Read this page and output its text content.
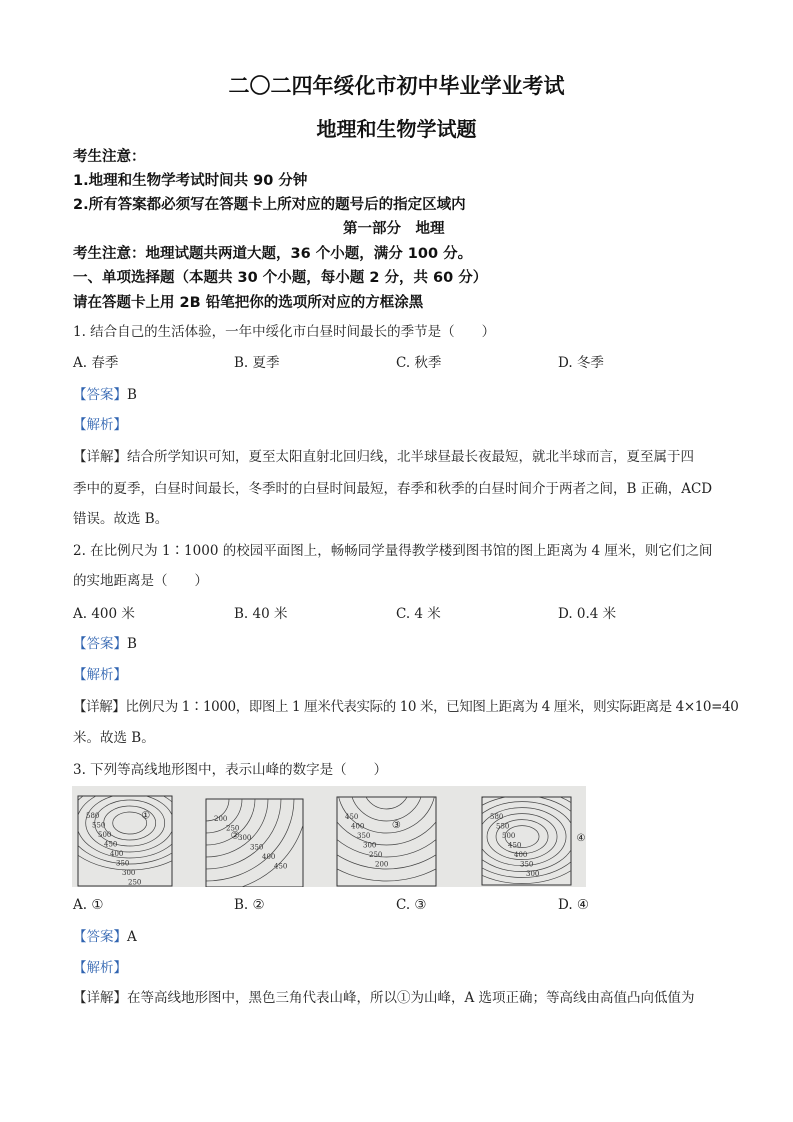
二〇二四年绥化市初中毕业学业考试
地理和生物学试题
考生注意：
1.地理和生物学考试时间共 90 分钟
2.所有答案都必须写在答题卡上所对应的题号后的指定区域内
第一部分　地理
考生注意：地理试题共两道大题，36 个小题，满分 100 分。
一、单项选择题（本题共 30 个小题，每小题 2 分，共 60 分）
请在答题卡上用 2B 铅笔把你的选项所对应的方框涂黑
1. 结合自己的生活体验，一年中绥化市白昼时间最长的季节是（　　）
A. 春季	B. 夏季	C. 秋季	D. 冬季
【答案】B
【解析】
【详解】结合所学知识可知，夏至太阳直射北回归线，北半球昼最长夜最短，就北半球而言，夏至属于四
季中的夏季，白昼时间最长，冬季时的白昼时间最短，春季和秋季的白昼时间介于两者之间，B 正确，ACD
错误。故选 B。
2. 在比例尺为 1∶1000 的校园平面图上，畅畅同学量得教学楼到图书馆的图上距离为 4 厘米，则它们之间
的实地距离是（　　）
A. 400 米	B. 40 米	C. 4 米	D. 0.4 米
【答案】B
【解析】
【详解】比例尺为 1∶1000，即图上 1 厘米代表实际的 10 米，已知图上距离为 4 厘米，则实际距离是 4×10=40
米。故选 B。
3. 下列等高线地形图中，表示山峰的数字是（　　）
①
580
550
500
450
400
350
300
250
②
200
250
300
350
400
450
③
450
400
350
300
250
200
④
580
550
500
450
400
350
300
A. ①	B. ②	C. ③	D. ④
【答案】A
【解析】
【详解】在等高线地形图中，黑色三角代表山峰，所以①为山峰，A 选项正确；等高线由高值凸向低值为
